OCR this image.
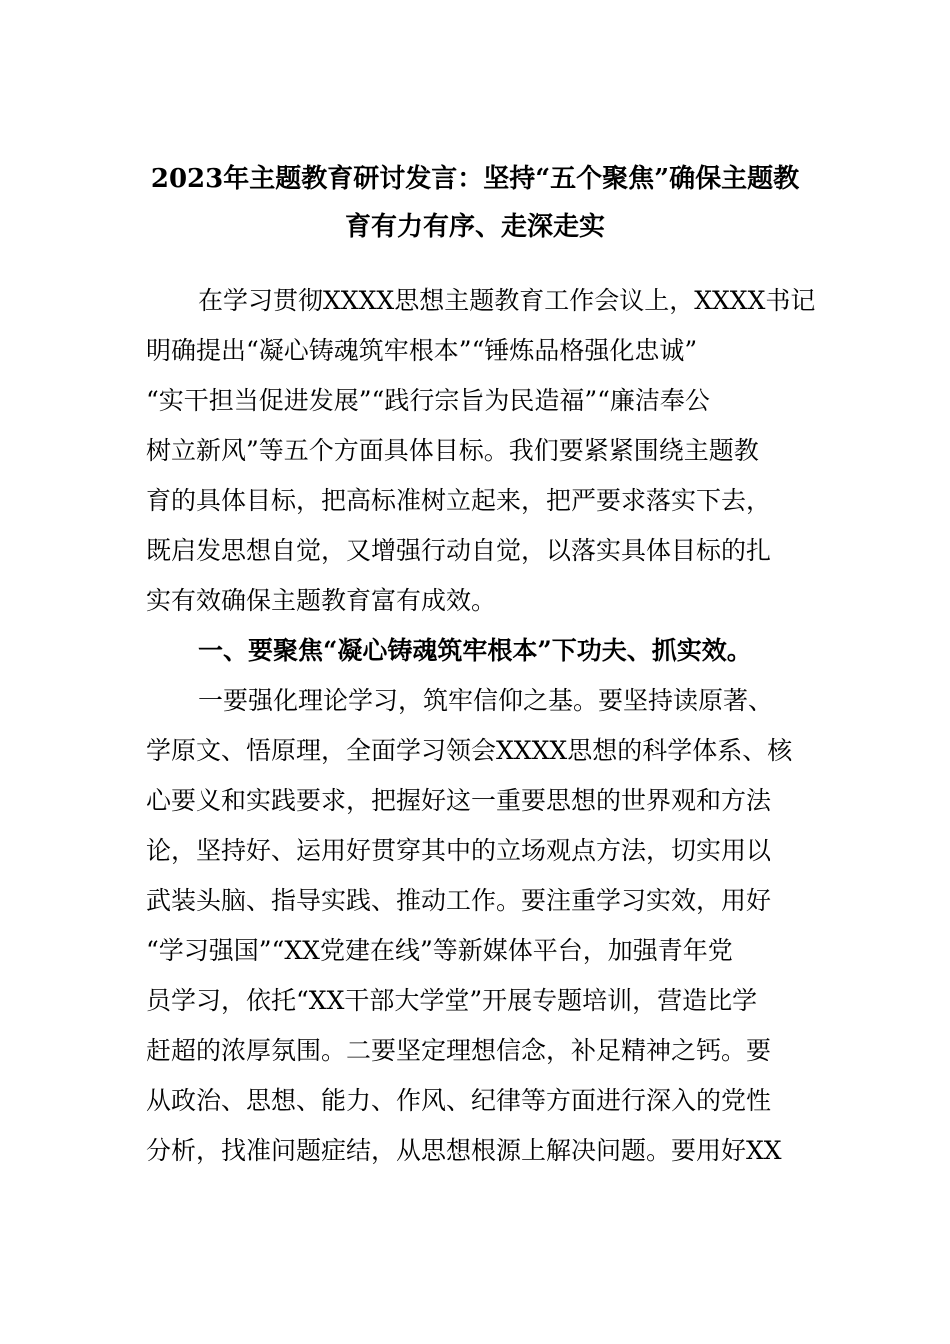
2023年主题教育研讨发言：坚持“五个聚焦”确保主题教
育有力有序、走深走实
在学习贯彻XXXX思想主题教育工作会议上，XXXX书记
明确提出“凝心铸魂筑牢根本”“锤炼品格强化忠诚”
“实干担当促进发展”“践行宗旨为民造福”“廉洁奉公
树立新风”等五个方面具体目标。我们要紧紧围绕主题教
育的具体目标，把高标准树立起来，把严要求落实下去，
既启发思想自觉，又增强行动自觉，以落实具体目标的扎
实有效确保主题教育富有成效。
一、要聚焦“凝心铸魂筑牢根本”下功夫、抓实效。
一要强化理论学习，筑牢信仰之基。要坚持读原著、
学原文、悟原理，全面学习领会XXXX思想的科学体系、核
心要义和实践要求，把握好这一重要思想的世界观和方法
论，坚持好、运用好贯穿其中的立场观点方法，切实用以
武装头脑、指导实践、推动工作。要注重学习实效，用好
“学习强国”“XX党建在线”等新媒体平台，加强青年党
员学习，依托“XX干部大学堂”开展专题培训，营造比学
赶超的浓厚氛围。二要坚定理想信念，补足精神之钙。要
从政治、思想、能力、作风、纪律等方面进行深入的党性
分析，找准问题症结，从思想根源上解决问题。要用好XX
